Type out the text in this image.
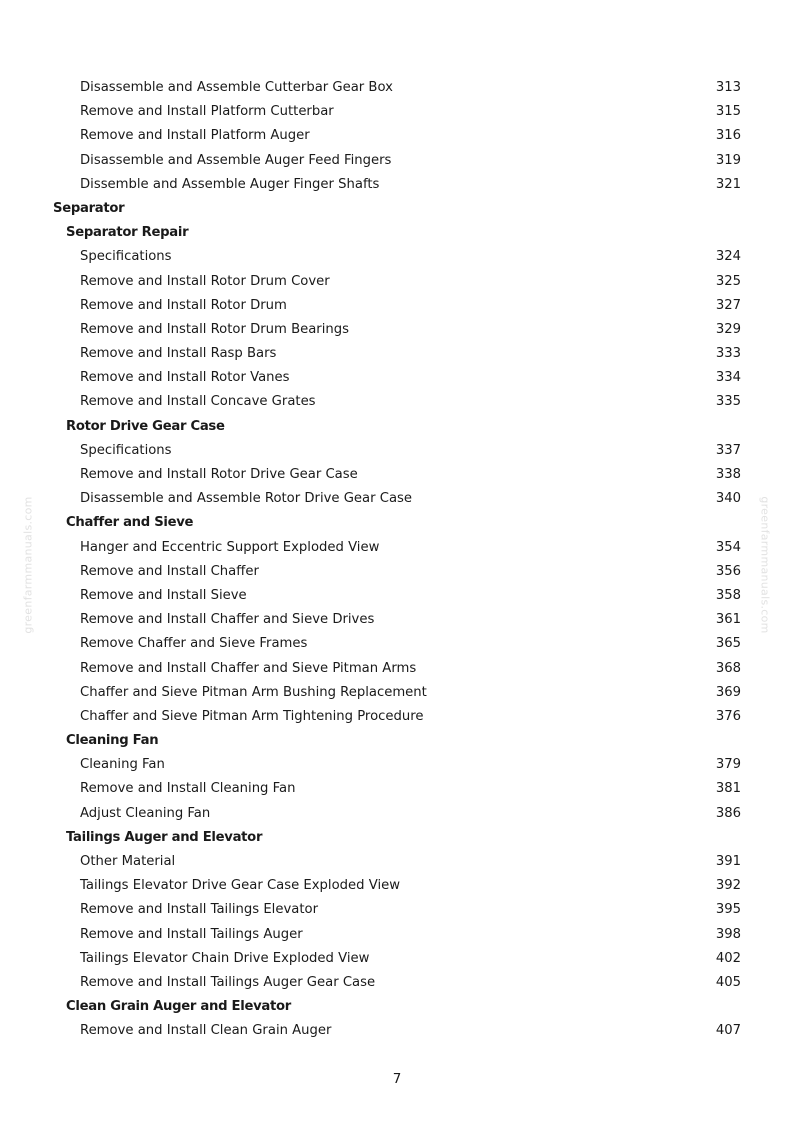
Disassemble and Assemble Cutterbar Gear Box	313
Remove and Install Platform Cutterbar	315
Remove and Install Platform Auger	316
Disassemble and Assemble Auger Feed Fingers	319
Dissemble and Assemble Auger Finger Shafts	321
Separator
Separator Repair
Specifications	324
Remove and Install Rotor Drum Cover	325
Remove and Install Rotor Drum	327
Remove and Install Rotor Drum Bearings	329
Remove and Install Rasp Bars	333
Remove and Install Rotor Vanes	334
Remove and Install Concave Grates	335
Rotor Drive Gear Case
Specifications	337
Remove and Install Rotor Drive Gear Case	338
Disassemble and Assemble Rotor Drive Gear Case	340
Chaffer and Sieve
Hanger and Eccentric Support Exploded View	354
Remove and Install Chaffer	356
Remove and Install Sieve	358
Remove and Install Chaffer and Sieve Drives	361
Remove Chaffer and Sieve Frames	365
Remove and Install Chaffer and Sieve Pitman Arms	368
Chaffer and Sieve Pitman Arm Bushing Replacement	369
Chaffer and Sieve Pitman Arm Tightening Procedure	376
Cleaning Fan
Cleaning Fan	379
Remove and Install Cleaning Fan	381
Adjust Cleaning Fan	386
Tailings Auger and Elevator
Other Material	391
Tailings Elevator Drive Gear Case Exploded View	392
Remove and Install Tailings Elevator	395
Remove and Install Tailings Auger	398
Tailings Elevator Chain Drive Exploded View	402
Remove and Install Tailings Auger Gear Case	405
Clean Grain Auger and Elevator
Remove and Install Clean Grain Auger	407
7
greenfarmmanuals.com	greenfarmmanuals.com
